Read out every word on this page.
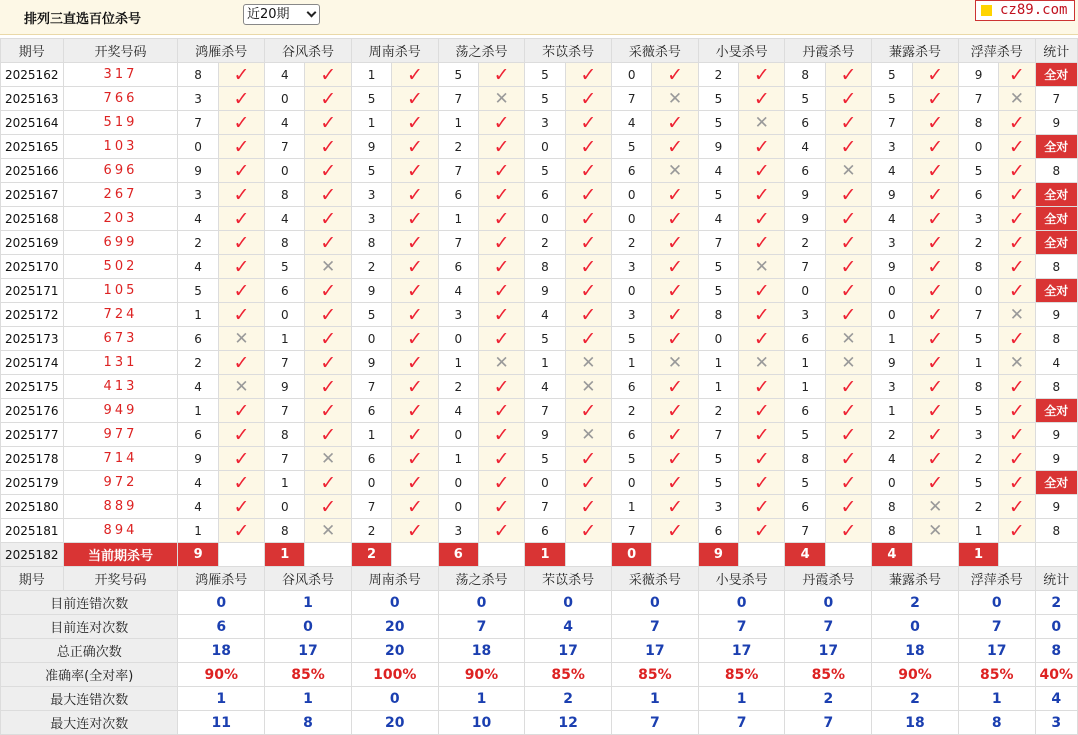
排列三直选百位杀号	近20期	cz89.com
期号	开奖号码	鸿雁杀号		谷风杀号		周南杀号		荡之杀号		芣苡杀号		采薇杀号		小旻杀号		丹霞杀号		蒹露杀号		浮萍杀号		统计
2025162	317	8	✓	4	✓	1	✓	5	✓	5	✓	0	✓	2	✓	8	✓	5	✓	9	✓	全对
2025163	766	3	✓	0	✓	5	✓	7	✕	5	✓	7	✕	5	✓	5	✓	5	✓	7	✕	7
2025164	519	7	✓	4	✓	1	✓	1	✓	3	✓	4	✓	5	✕	6	✓	7	✓	8	✓	9
2025165	103	0	✓	7	✓	9	✓	2	✓	0	✓	5	✓	9	✓	4	✓	3	✓	0	✓	全对
2025166	696	9	✓	0	✓	5	✓	7	✓	5	✓	6	✕	4	✓	6	✕	4	✓	5	✓	8
2025167	267	3	✓	8	✓	3	✓	6	✓	6	✓	0	✓	5	✓	9	✓	9	✓	6	✓	全对
2025168	203	4	✓	4	✓	3	✓	1	✓	0	✓	0	✓	4	✓	9	✓	4	✓	3	✓	全对
2025169	699	2	✓	8	✓	8	✓	7	✓	2	✓	2	✓	7	✓	2	✓	3	✓	2	✓	全对
2025170	502	4	✓	5	✕	2	✓	6	✓	8	✓	3	✓	5	✕	7	✓	9	✓	8	✓	8
2025171	105	5	✓	6	✓	9	✓	4	✓	9	✓	0	✓	5	✓	0	✓	0	✓	0	✓	全对
2025172	724	1	✓	0	✓	5	✓	3	✓	4	✓	3	✓	8	✓	3	✓	0	✓	7	✕	9
2025173	673	6	✕	1	✓	0	✓	0	✓	5	✓	5	✓	0	✓	6	✕	1	✓	5	✓	8
2025174	131	2	✓	7	✓	9	✓	1	✕	1	✕	1	✕	1	✕	1	✕	9	✓	1	✕	4
2025175	413	4	✕	9	✓	7	✓	2	✓	4	✕	6	✓	1	✓	1	✓	3	✓	8	✓	8
2025176	949	1	✓	7	✓	6	✓	4	✓	7	✓	2	✓	2	✓	6	✓	1	✓	5	✓	全对
2025177	977	6	✓	8	✓	1	✓	0	✓	9	✕	6	✓	7	✓	5	✓	2	✓	3	✓	9
2025178	714	9	✓	7	✕	6	✓	1	✓	5	✓	5	✓	5	✓	8	✓	4	✓	2	✓	9
2025179	972	4	✓	1	✓	0	✓	0	✓	0	✓	0	✓	5	✓	5	✓	0	✓	5	✓	全对
2025180	889	4	✓	0	✓	7	✓	0	✓	7	✓	1	✓	3	✓	6	✓	8	✕	2	✓	9
2025181	894	1	✓	8	✕	2	✓	3	✓	6	✓	7	✓	6	✓	7	✓	8	✕	1	✓	8
2025182	当前期杀号	9		1		2		6		1		0		9		4		4		1		
期号	开奖号码	鸿雁杀号		谷风杀号		周南杀号		荡之杀号		芣苡杀号		采薇杀号		小旻杀号		丹霞杀号		蒹露杀号		浮萍杀号		统计
目前连错次数		0		1		0		0		0		0		0		0		2		0		2
目前连对次数		6		0		20		7		4		7		7		7		0		7		0
总正确次数		18		17		20		18		17		17		17		17		18		17		8
准确率(全对率)		90%		85%		100%		90%		85%		85%		85%		85%		90%		85%		40%
最大连错次数		1		1		0		1		2		1		1		2		2		1		4
最大连对次数		11		8		20		10		12		7		7		7		18		8		3
